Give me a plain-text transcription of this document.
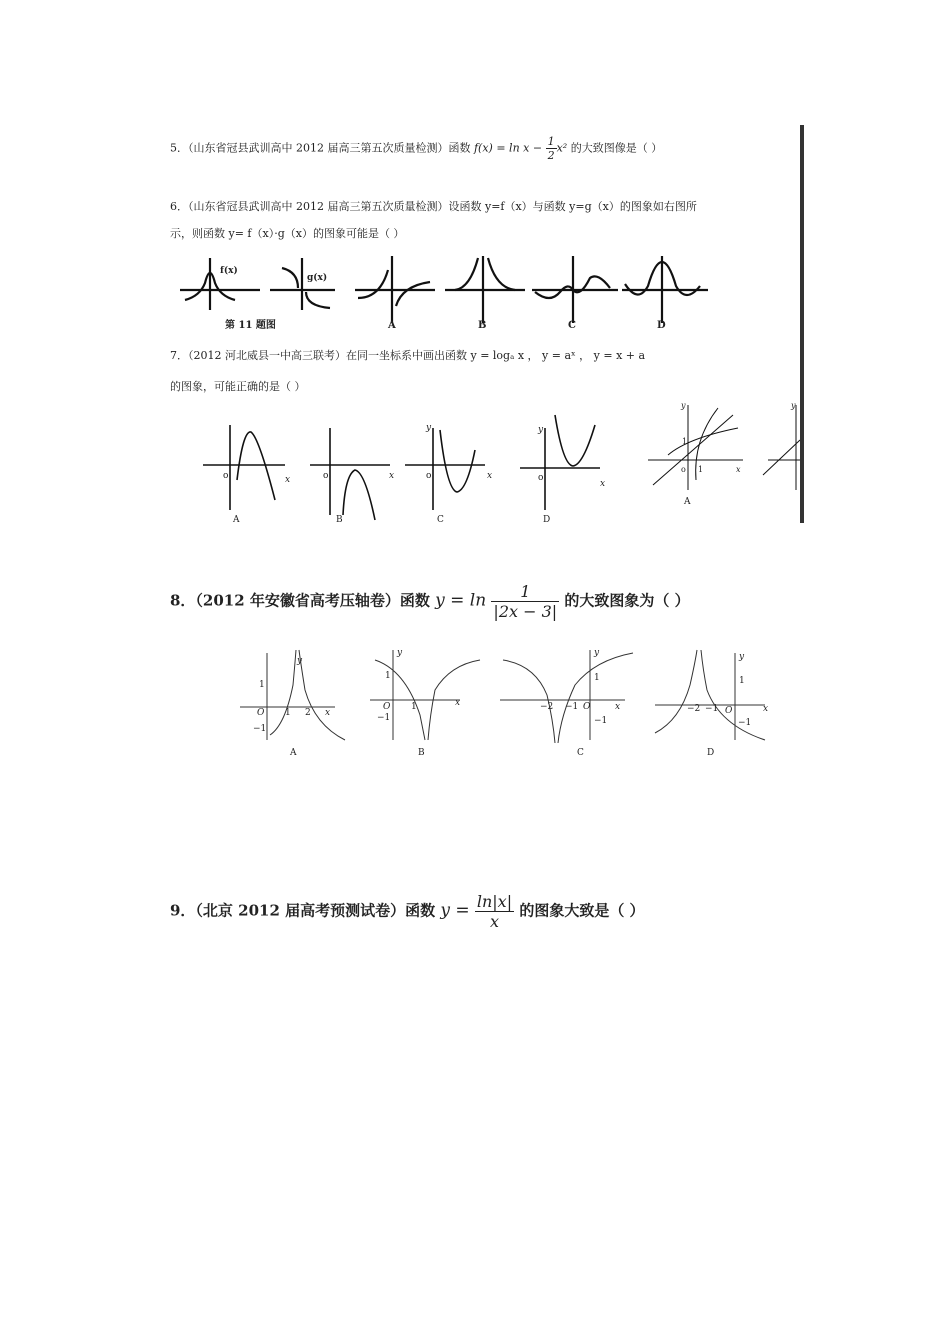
5．（山东省冠县武训高中 2012 届高三第五次质量检测）函数 $f(x) = \ln x - \frac{1}{2} x^2$ 的大致图像是（ ）
6．（山东省冠县武训高中 2012 届高三第五次质量检测）设函数 y=f（x）与函数 y=g（x）的图象如右图所
示，则函数 y= f（x）·g（x）的图象可能是（ ）
f(x)
g(x)
第 11 题图	A	B	C	D
7．（2012 河北威县一中高三联考）在同一坐标系中画出函数 y = logₐ x ， y = aˣ ， y = x + a
的图象，可能正确的是（ ）
o	x
A
o	x
B
y
o	x
C
y
o
x
D
y
1
o 1	x
A
y
8．（2012 年安徽省高考压轴卷）函数 $y = \ln \frac{1}{|2x - 3|}$ 的大致图象为（ ）
O
1
1 2
−1
x
y
A
y
1
O 1
−1
x
B
y
1
−2 −1 O
−1
x
C
y
1
−2 −1 O
−1
x
D
9．（北京 2012 届高考预测试卷）函数 $y = \frac{\ln|x|}{x}$ 的图象大致是（ ）
